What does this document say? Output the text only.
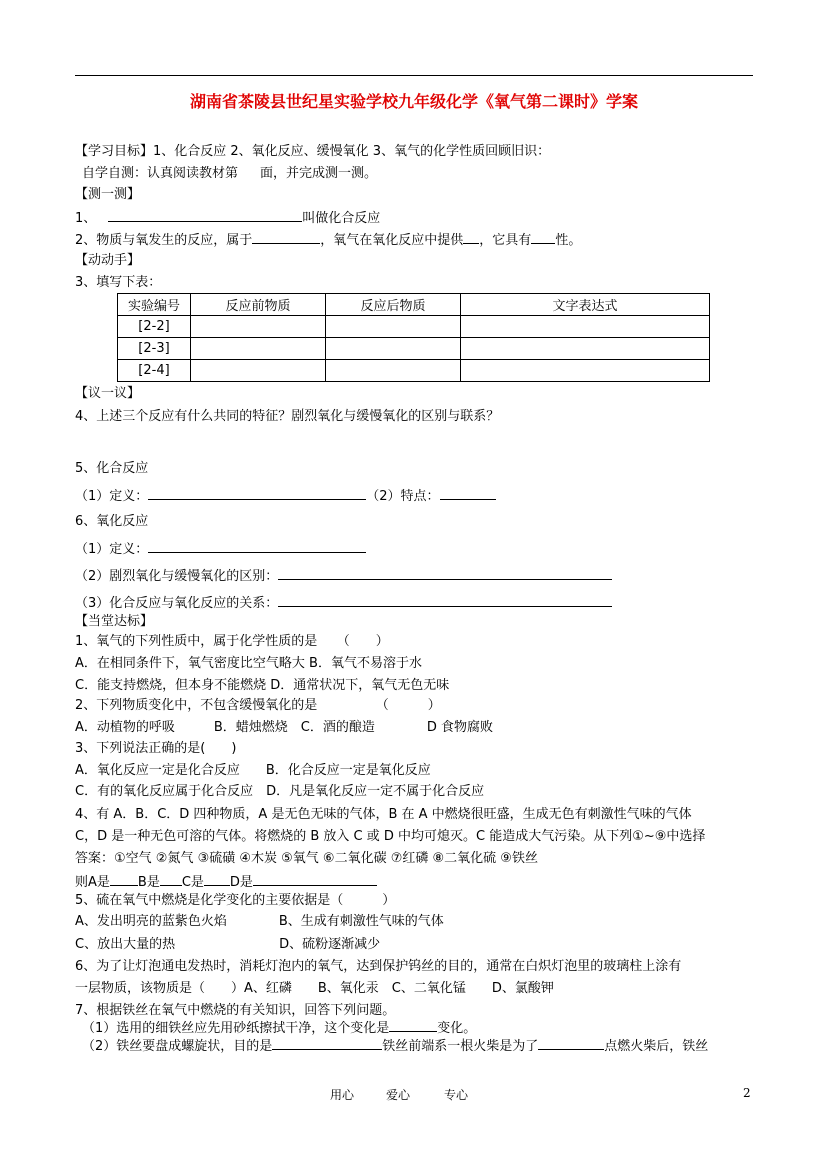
湖南省茶陵县世纪星实验学校九年级化学《氧气第二课时》学案
【学习目标】1、化合反应 2、氧化反应、缓慢氧化 3、氧气的化学性质回顾旧识：
自学自测：认真阅读教材第 面，并完成测一测。
【测一测】
1、	叫做化合反应
2、物质与氧发生的反应，属于	，氧气在氧化反应中提供 ，它具有 性。
【动动手】
3、填写下表：
实验编号	反应前物质	反应后物质	文字表达式
[2-2]			
[2-3]			
[2-4]			
【议一议】
4、上述三个反应有什么共同的特征？剧烈氧化与缓慢氧化的区别与联系？
5、化合反应
（1）定义：	（2）特点：
6、氧化反应
（1）定义：
（2）剧烈氧化与缓慢氧化的区别：
（3）化合反应与氧化反应的关系：
【当堂达标】
1、氧气的下列性质中，属于化学性质的是　　（　　）
A．在相同条件下，氧气密度比空气略大 B．氧气不易溶于水
C．能支持燃烧，但本身不能燃烧 D．通常状况下，氧气无色无味
2、下列物质变化中，不包含缓慢氧化的是　　　　　（　　　）
A．动植物的呼吸　　　B．蜡烛燃烧　C．酒的酿造　　　　D 食物腐败
3、下列说法正确的是(　　)
A．氧化反应一定是化合反应　　B．化合反应一定是氧化反应
C．有的氧化反应属于化合反应　D．凡是氧化反应一定不属于化合反应
4、有 A．B．C．D 四种物质，A 是无色无味的气体，B 在 A 中燃烧很旺盛，生成无色有刺激性气味的气体
C，D 是一种无色可溶的气体。将燃烧的 B 放入 C 或 D 中均可熄灭。C 能造成大气污染。从下列①~⑨中选择
答案：①空气 ②氮气 ③硫磺 ④木炭 ⑤氧气 ⑥二氧化碳 ⑦红磷 ⑧二氧化硫 ⑨铁丝
则A是 B是 C是 D是
5、硫在氧气中燃烧是化学变化的主要依据是（　　　）
A、发出明亮的蓝紫色火焰　　　　B、生成有刺激性气味的气体
C、放出大量的热　　　　　　　　D、硫粉逐渐减少
6、为了让灯泡通电发热时，消耗灯泡内的氧气，达到保护钨丝的目的，通常在白炽灯泡里的玻璃柱上涂有
一层物质，该物质是（　　）A、红磷　　B、氧化汞　C、二氧化锰　　D、氯酸钾
7、根据铁丝在氧气中燃烧的有关知识，回答下列问题。
（1）选用的细铁丝应先用砂纸擦拭干净，这个变化是	变化。
（2）铁丝要盘成螺旋状，目的是	铁丝前端系一根火柴是为了	点燃火柴后，铁丝
用心	爱心	专心	2
